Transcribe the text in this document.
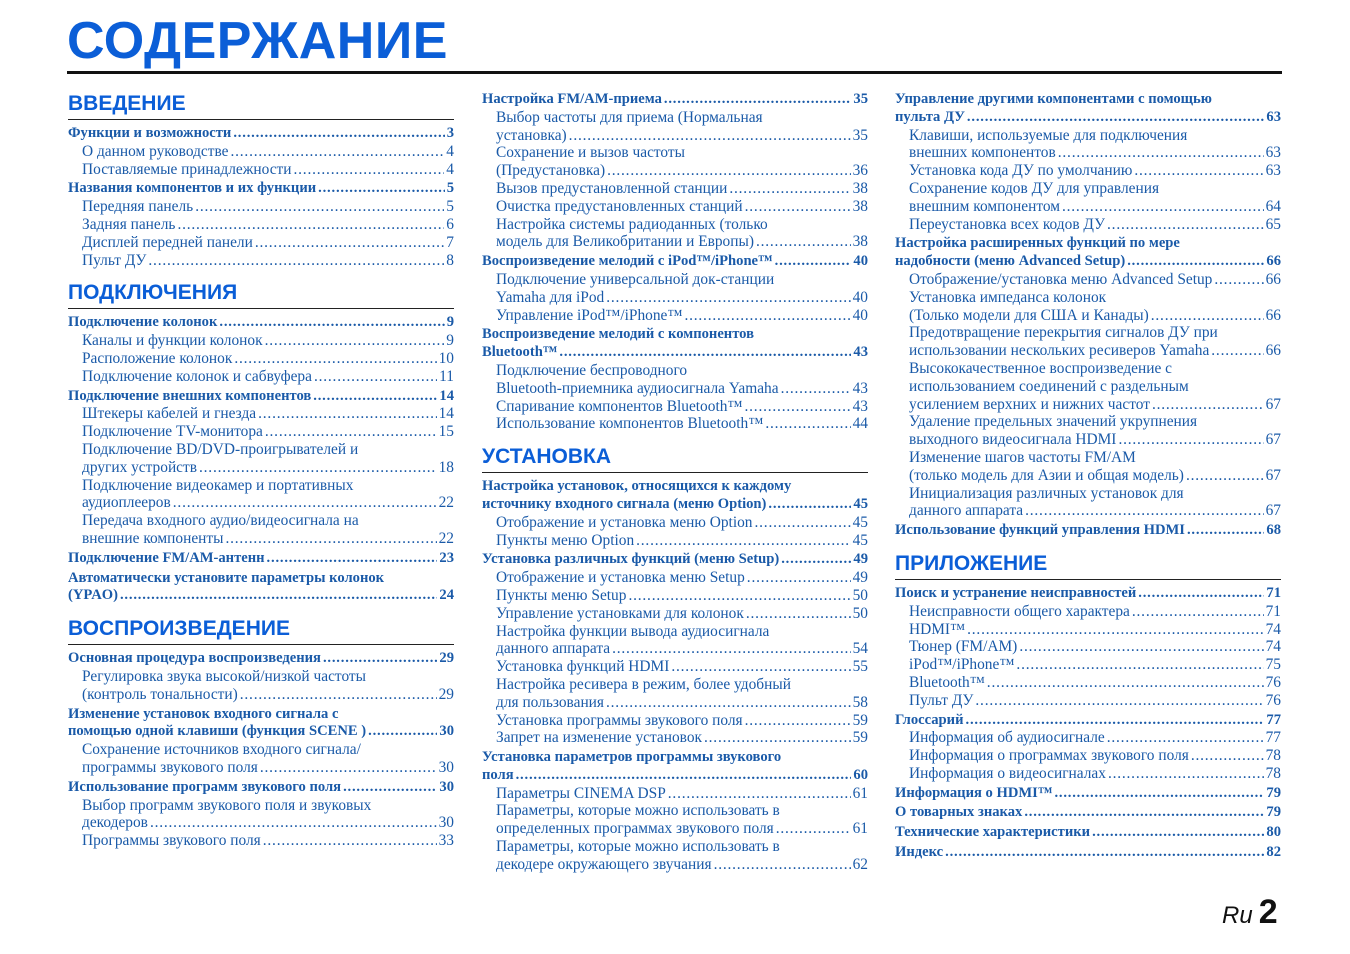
СОДЕРЖАНИЕ
ВВЕДЕНИЕ
Функции и возможности .....	3
О данном руководстве .....	4
Поставляемые принадлежности .....	4
Названия компонентов и их функции .....	5
Передняя панель .....	5
Задняя панель .....	6
Дисплей передней панели .....	7
Пульт ДУ .....	8
ПОДКЛЮЧЕНИЯ
Подключение колонок .....	9
Каналы и функции колонок .....	9
Расположение колонок .....	10
Подключение колонок и сабвуфера .....	11
Подключение внешних компонентов .....	14
Штекеры кабелей и гнезда .....	14
Подключение TV-монитора .....	15
Подключение BD/DVD-проигрывателей и
других устройств .....	18
Подключение видеокамер и портативных
аудиоплееров .....	22
Передача входного аудио/видеосигнала на
внешние компоненты .....	22
Подключение FM/AM-антенн .....	23
Автоматически установите параметры колонок
(YPAO) .....	24
ВОСПРОИЗВЕДЕНИЕ
Основная процедура воспроизведения .....	29
Регулировка звука высокой/низкой частоты
(контроль тональности) .....	29
Изменение установок входного сигнала с
помощью одной клавиши (функция SCENE ) .....	30
Сохранение источников входного сигнала/
программы звукового поля .....	30
Использование программ звукового поля .....	30
Выбор программ звукового поля и звуковых
декодеров .....	30
Программы звукового поля .....	33
Настройка FM/AM-приема .....	35
Выбор частоты для приема (Нормальная
установка) .....	35
Сохранение и вызов частоты
(Предустановка) .....	36
Вызов предустановленной станции .....	38
Очистка предустановленных станций .....	38
Настройка системы радиоданных (только
модель для Великобритании и Европы) .....	38
Воспроизведение мелодий с iPod™/iPhone™ .....	40
Подключение универсальной док-станции
Yamaha для iPod .....	40
Управление iPod™/iPhone™ .....	40
Воспроизведение мелодий с компонентов
Bluetooth™ .....	43
Подключение беспроводного
Bluetooth-приемника аудиосигнала Yamaha .....	43
Спаривание компонентов Bluetooth™ .....	43
Использование компонентов Bluetooth™ .....	44
УСТАНОВКА
Настройка установок, относящихся к каждому
источнику входного сигнала (меню Option) .....	45
Отображение и установка меню Option .....	45
Пункты меню Option .....	45
Установка различных функций (меню Setup) .....	49
Отображение и установка меню Setup .....	49
Пункты меню Setup .....	50
Управление установками для колонок .....	50
Настройка функции вывода аудиосигнала
данного аппарата .....	54
Установка функций HDMI .....	55
Настройка ресивера в режим, более удобный
для пользования .....	58
Установка программы звукового поля .....	59
Запрет на изменение установок .....	59
Установка параметров программы звукового
поля .....	60
Параметры CINEMA DSP .....	61
Параметры, которые можно использовать в
определенных программах звукового поля .....	61
Параметры, которые можно использовать в
декодере окружающего звучания .....	62
Управление другими компонентами с помощью
пульта ДУ .....	63
Клавиши, используемые для подключения
внешних компонентов .....	63
Установка кода ДУ по умолчанию .....	63
Сохранение кодов ДУ для управления
внешним компонентом .....	64
Переустановка всех кодов ДУ .....	65
Настройка расширенных функций по мере
надобности (меню Advanced Setup) .....	66
Отображение/установка меню Advanced Setup .....	66
Установка импеданса колонок
(Только модели для США и Канады) .....	66
Предотвращение перекрытия сигналов ДУ при
использовании нескольких ресиверов Yamaha .....	66
Высококачественное воспроизведение с
использованием соединений с раздельным
усилением верхних и нижних частот .....	67
Удаление предельных значений укрупнения
выходного видеосигнала HDMI .....	67
Изменение шагов частоты FM/AM
(только модель для Азии и общая модель) .....	67
Инициализация различных установок для
данного аппарата .....	67
Использование функций управления HDMI .....	68
ПРИЛОЖЕНИЕ
Поиск и устранение неисправностей .....	71
Неисправности общего характера .....	71
HDMI™ .....	74
Тюнер (FM/AM) .....	74
iPod™/iPhone™ .....	75
Bluetooth™ .....	76
Пульт ДУ .....	76
Глоссарий .....	77
Информация об аудиосигнале .....	77
Информация о программах звукового поля .....	78
Информация о видеосигналах .....	78
Информация о HDMI™ .....	79
О товарных знаках .....	79
Технические характеристики .....	80
Индекс .....	82
Ru 2
